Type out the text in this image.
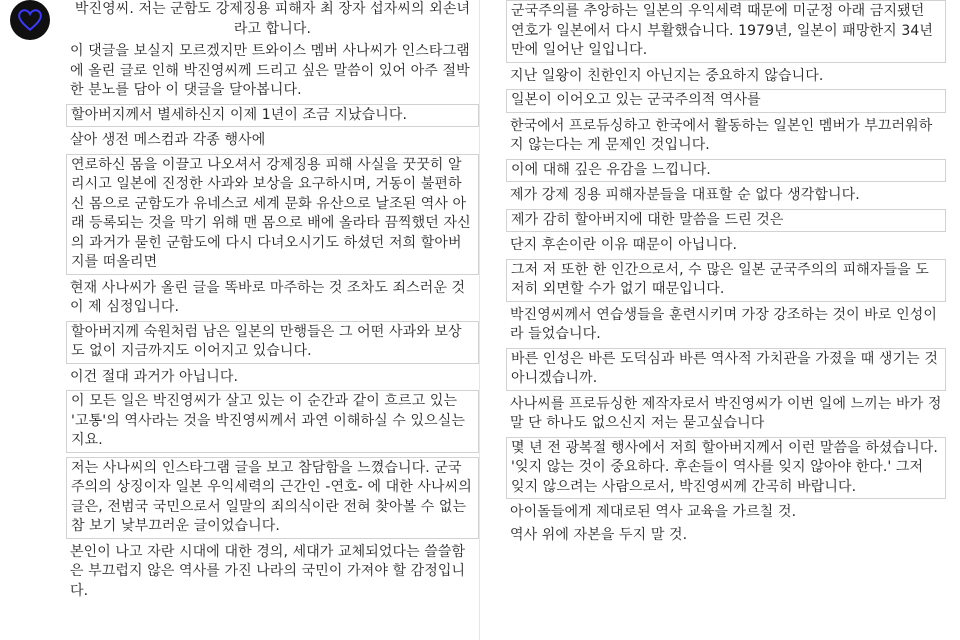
박진영씨. 저는 군함도 강제징용 피해자 최 장자 섭자씨의 외손녀 라고 합니다.
이 댓글을 보실지 모르겠지만 트와이스 멤버 사나씨가 인스타그램에 올린 글로 인해 박진영씨께 드리고 싶은 말씀이 있어 아주 절박한 분노를 담아 이 댓글을 달아봅니다.
할아버지께서 별세하신지 이제 1년이 조금 지났습니다.
살아 생전 메스컴과 각종 행사에
연로하신 몸을 이끌고 나오셔서 강제징용 피해 사실을 꿋꿋히 알리시고 일본에 진정한 사과와 보상을 요구하시며, 거동이 불편하신 몸으로 군함도가 유네스코 세계 문화 유산으로 날조된 역사 아래 등록되는 것을 막기 위해 맨 몸으로 배에 올라타 끔찍했던 자신의 과거가 묻힌 군함도에 다시 다녀오시기도 하셨던 저희 할아버지를 떠올리면
현재 사나씨가 올린 글을 똑바로 마주하는 것 조차도 죄스러운 것이 제 심정입니다.
할아버지께 숙원처럼 남은 일본의 만행들은 그 어떤 사과와 보상도 없이 지금까지도 이어지고 있습니다.
이건 절대 과거가 아닙니다.
이 모든 일은 박진영씨가 살고 있는 이 순간과 같이 흐르고 있는 '고통'의 역사라는 것을 박진영씨께서 과연 이해하실 수 있으실는지요.
저는 사나씨의 인스타그램 글을 보고 참담함을 느꼈습니다. 군국주의의 상징이자 일본 우익세력의 근간인 -연호- 에 대한 사나씨의 글은, 전범국 국민으로서 일말의 죄의식이란 전혀 찾아볼 수 없는 참 보기 낯부끄러운 글이었습니다.
본인이 나고 자란 시대에 대한 경의, 세대가 교체되었다는 쓸쓸함은 부끄럽지 않은 역사를 가진 나라의 국민이 가져야 할 감정입니다.
군국주의를 추앙하는 일본의 우익세력 때문에 미군정 아래 금지됐던 연호가 일본에서 다시 부활했습니다. 1979년, 일본이 패망한지 34년만에 일어난 일입니다.
지난 일왕이 친한인지 아닌지는 중요하지 않습니다.
일본이 이어오고 있는 군국주의적 역사를
한국에서 프로듀싱하고 한국에서 활동하는 일본인 멤버가 부끄러워하지 않는다는 게 문제인 것입니다.
이에 대해 깊은 유감을 느낍니다.
제가 강제 징용 피해자분들을 대표할 순 없다 생각합니다.
제가 감히 할아버지에 대한 말씀을 드린 것은
단지 후손이란 이유 때문이 아닙니다.
그저 저 또한 한 인간으로서, 수 많은 일본 군국주의의 피해자들을 도저히 외면할 수가 없기 때문입니다.
박진영씨께서 연습생들을 훈련시키며 가장 강조하는 것이 바로 인성이라 들었습니다.
바른 인성은 바른 도덕심과 바른 역사적 가치관을 가졌을 때 생기는 것 아니겠습니까.
사나씨를 프로듀싱한 제작자로서 박진영씨가 이번 일에 느끼는 바가 정말 단 하나도 없으신지 저는 묻고싶습니다
몇 년 전 광복절 행사에서 저희 할아버지께서 이런 말씀을 하셨습니다. '잊지 않는 것이 중요하다. 후손들이 역사를 잊지 않아야 한다.' 그저 잊지 않으려는 사람으로서, 박진영씨께 간곡히 바랍니다.
아이돌들에게 제대로된 역사 교육을 가르칠 것.
역사 위에 자본을 두지 말 것.
